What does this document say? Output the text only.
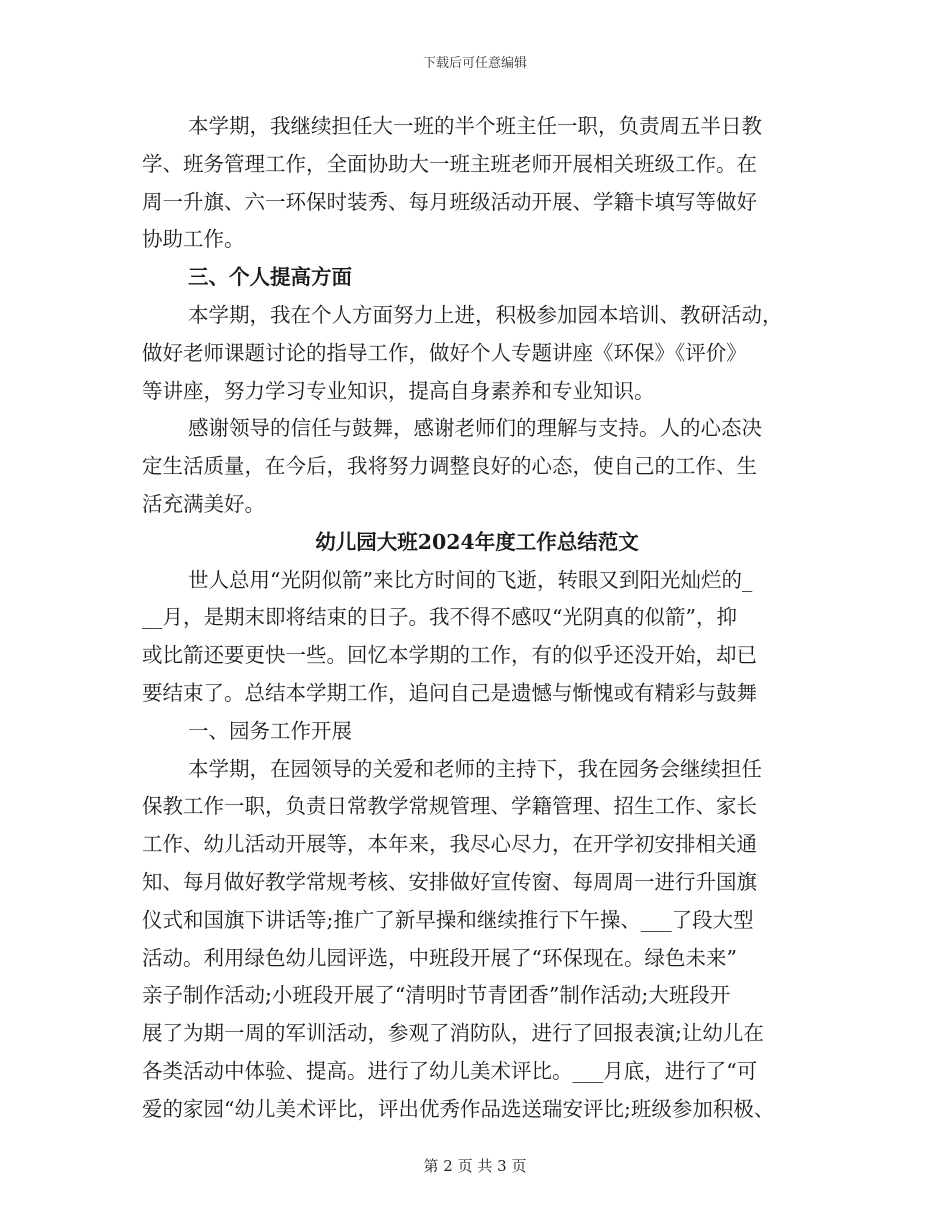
下载后可任意编辑
本学期，我继续担任大一班的半个班主任一职，负责周五半日教
学、班务管理工作，全面协助大一班主班老师开展相关班级工作。在
周一升旗、六一环保时装秀、每月班级活动开展、学籍卡填写等做好
协助工作。
三、个人提高方面
本学期，我在个人方面努力上进，积极参加园本培训、教研活动，
做好老师课题讨论的指导工作，做好个人专题讲座《环保》《评价》
等讲座，努力学习专业知识，提高自身素养和专业知识。
感谢领导的信任与鼓舞，感谢老师们的理解与支持。人的心态决
定生活质量，在今后，我将努力调整良好的心态，使自己的工作、生
活充满美好。
幼儿园大班2024年度工作总结范文
世人总用“光阴似箭”来比方时间的飞逝，转眼又到阳光灿烂的_
__月，是期末即将结束的日子。我不得不感叹“光阴真的似箭”，抑
或比箭还要更快一些。回忆本学期的工作，有的似乎还没开始，却已
要结束了。总结本学期工作，追问自己是遗憾与惭愧或有精彩与鼓舞
一、园务工作开展
本学期，在园领导的关爱和老师的主持下，我在园务会继续担任
保教工作一职，负责日常教学常规管理、学籍管理、招生工作、家长
工作、幼儿活动开展等，本年来，我尽心尽力，在开学初安排相关通
知、每月做好教学常规考核、安排做好宣传窗、每周周一进行升国旗
仪式和国旗下讲话等;推广了新早操和继续推行下午操、___了段大型
活动。利用绿色幼儿园评选，中班段开展了“环保现在。绿色未来”
亲子制作活动;小班段开展了“清明时节青团香”制作活动;大班段开
展了为期一周的军训活动，参观了消防队，进行了回报表演;让幼儿在
各类活动中体验、提高。进行了幼儿美术评比。___月底，进行了“可
爱的家园“幼儿美术评比，评出优秀作品选送瑞安评比;班级参加积极、
第 2 页 共 3 页
